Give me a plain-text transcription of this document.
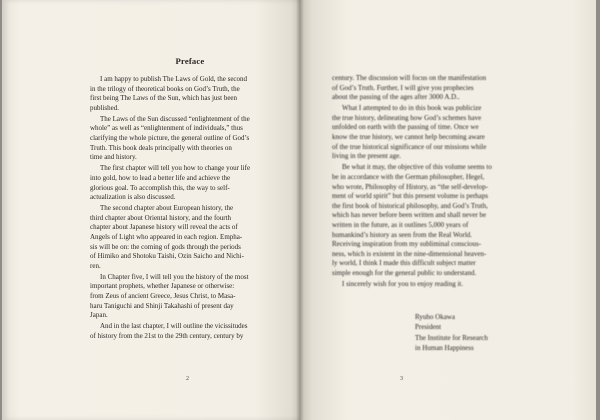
Preface

I am happy to publish The Laws of Gold, the second
in the trilogy of theoretical books on God’s Truth, the
first being The Laws of the Sun, which has just been
published.

The Laws of the Sun discussed “enlightenment of the
whole” as well as “enlightenment of individuals,” thus
clarifying the whole picture, the general outline of God’s
Truth. This book deals principally with theories on
time and history.

The first chapter will tell you how to change your life
into gold, how to lead a better life and achieve the
glorious goal. To accomplish this, the way to self-
actualization is also discussed.

The second chapter about European history, the
third chapter about Oriental history, and the fourth
chapter about Japanese history will reveal the acts of
Angels of Light who appeared in each region. Empha-
sis will be on: the coming of gods through the periods
of Himiko and Shotoku Taishi, Ozin Saicho and Nichi-
ren.

In Chapter five, I will tell you the history of the most
important prophets, whether Japanese or otherwise:
from Zeus of ancient Greece, Jesus Christ, to Masa-
haru Taniguchi and Shinji Takahashi of present day
Japan.

And in the last chapter, I will outline the vicissitudes
of history from the 21st to the 29th century, century by

century. The discussion will focus on the manifestation
of God’s Truth. Further, I will give you prophecies
about the passing of the ages after 3000 A.D..

What I attempted to do in this book was publicize
the true history, delineating how God’s schemes have
unfolded on earth with the passing of time. Once we
know the true history, we cannot help becoming aware
of the true historical significance of our missions while
living in the present age.

Be what it may, the objective of this volume seems to
be in accordance with the German philosopher, Hegel,
who wrote, Philosophy of History, as “the self-develop-
ment of world spirit” but this present volume is perhaps
the first book of historical philosophy, and God’s Truth,
which has never before been written and shall never be
written in the future, as it outlines 5,000 years of
humankind’s history as seen from the Real World.
Receiving inspiration from my subliminal conscious-
ness, which is existent in the nine-dimensional heaven-
ly world, I think I made this difficult subject matter
simple enough for the general public to understand.

I sincerely wish for you to enjoy reading it.

Ryuho Okawa
President
The Institute for Research
in Human Happiness
2	3
